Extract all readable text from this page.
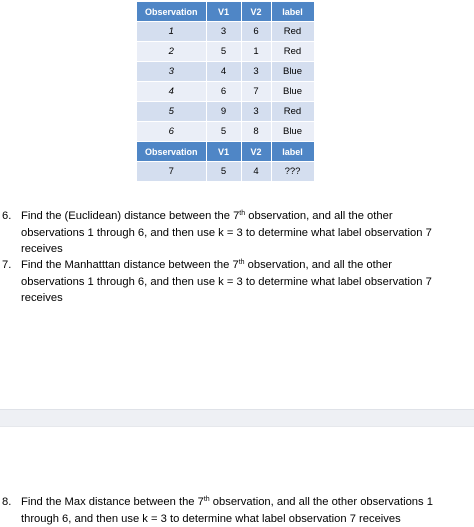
Observation	V1	V2	label
1	3	6	Red
2	5	1	Red
3	4	3	Blue
4	6	7	Blue
5	9	3	Red
6	5	8	Blue
Observation	V1	V2	label
7	5	4	???
6. Find the (Euclidean) distance between the 7th observation, and all the other observations 1 through 6, and then use k = 3 to determine what label observation 7 receives
7. Find the Manhatttan distance between the 7th observation, and all the other observations 1 through 6, and then use k = 3 to determine what label observation 7 receives
8. Find the Max distance between the 7th observation, and all the other observations 1 through 6, and then use k = 3 to determine what label observation 7 receives
